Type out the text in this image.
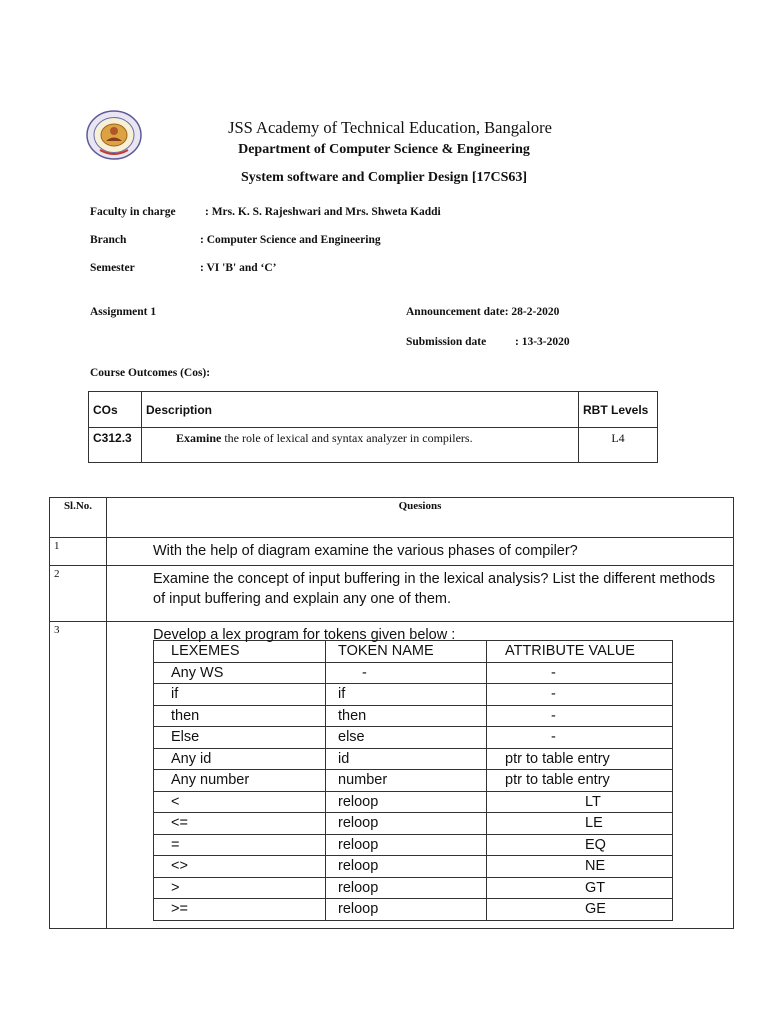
JSS Academy of Technical Education, Bangalore
Department of Computer Science & Engineering
System software and Complier Design [17CS63]
Faculty in charge	: Mrs. K. S. Rajeshwari and Mrs. Shweta Kaddi
Branch	: Computer Science and Engineering
Semester	: VI 'B' and ‘C’
Assignment 1	Announcement date: 28-2-2020
Submission date	: 13-3-2020
Course Outcomes (Cos):
COs	Description	RBT Levels
C312.3	Examine the role of lexical and syntax analyzer in compilers.	L4
Sl.No.	Quesions
1	With the help of diagram examine the various phases of compiler?
2	Examine the concept of input buffering in the lexical analysis? List the different methods of input buffering and explain any one of them.
3	Develop a lex program for tokens given below :
LEXEMES	TOKEN NAME	ATTRIBUTE VALUE
Any WS	-	-
if	if	-
then	then	-
Else	else	-
Any id	id	ptr to table entry
Any number	number	ptr to table entry
<	reloop	LT
<=	reloop	LE
=	reloop	EQ
<>	reloop	NE
>	reloop	GT
>=	reloop	GE
